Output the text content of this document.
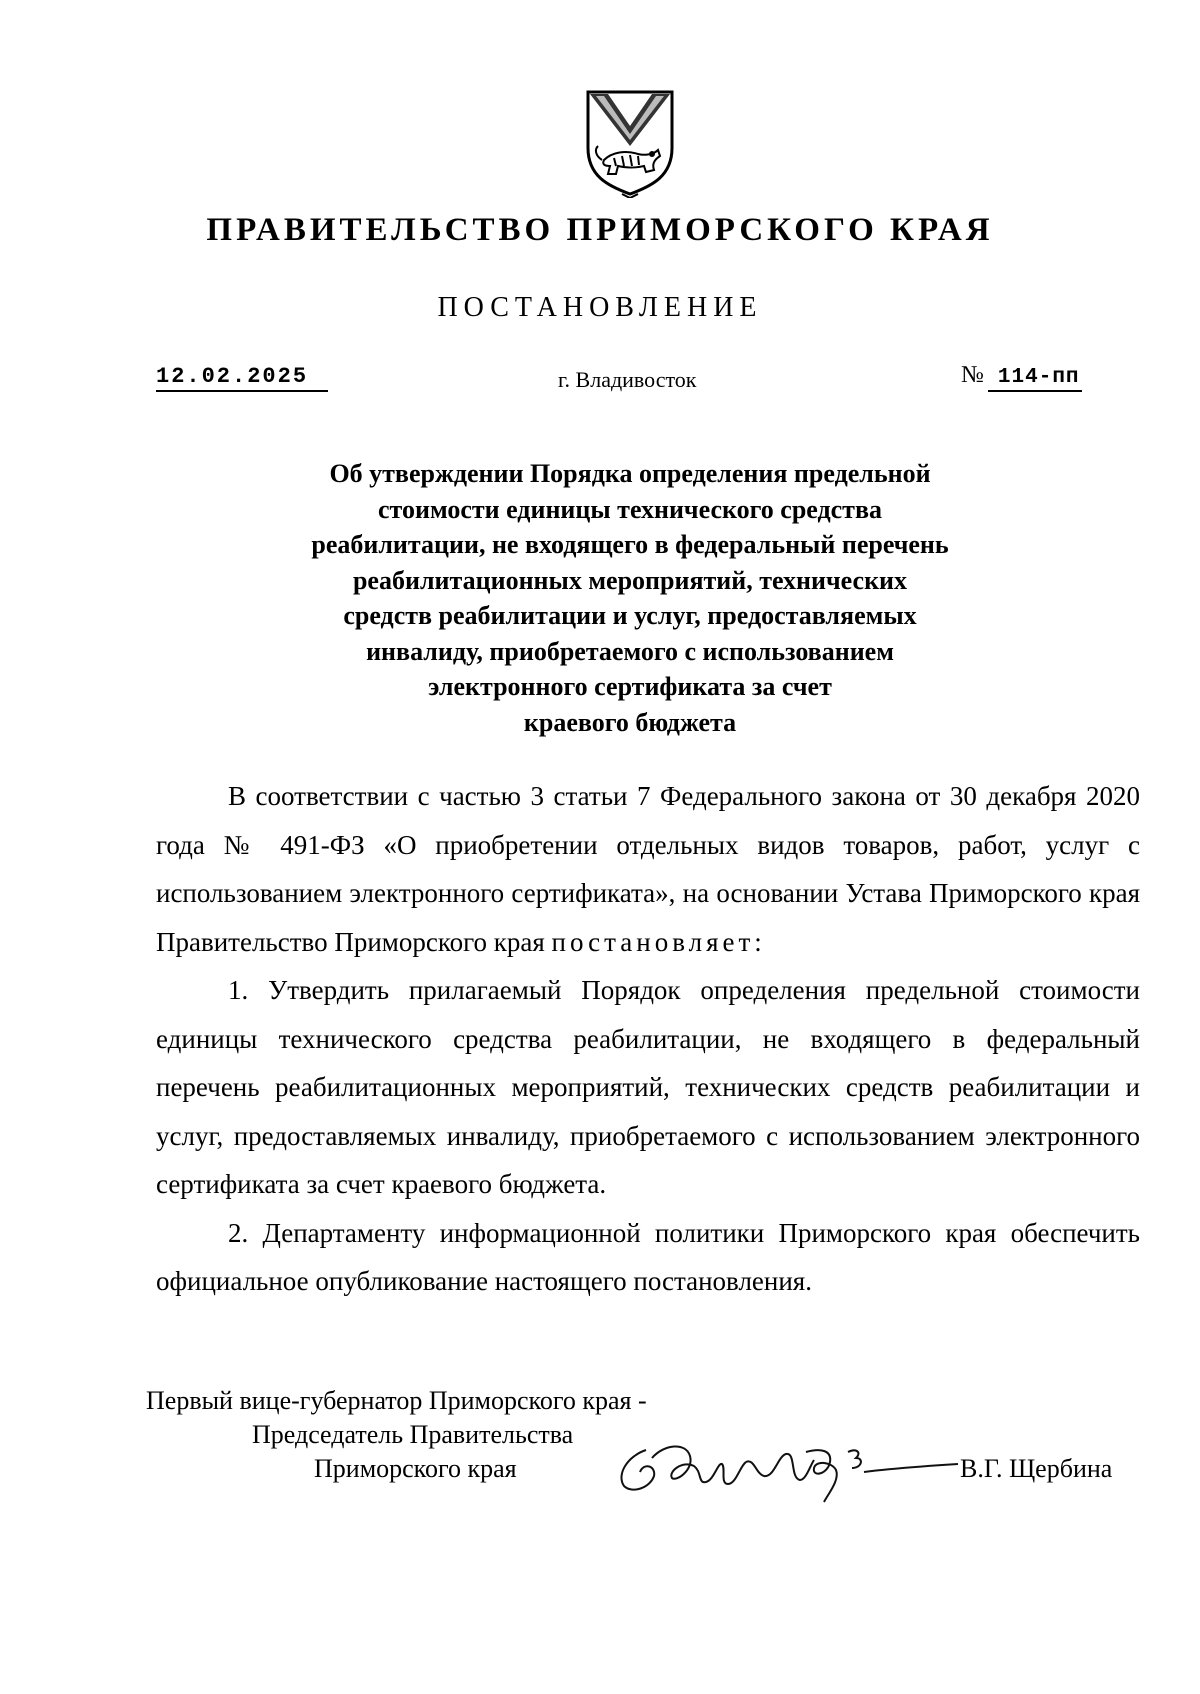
ПРАВИТЕЛЬСТВО ПРИМОРСКОГО КРАЯ
ПОСТАНОВЛЕНИЕ
12.02.2025	г. Владивосток	№ 114-пп
Об утверждении Порядка определения предельной
стоимости единицы технического средства
реабилитации, не входящего в федеральный перечень
реабилитационных мероприятий, технических
средств реабилитации и услуг, предоставляемых
инвалиду, приобретаемого с использованием
электронного сертификата за счет
краевого бюджета

В соответствии с частью 3 статьи 7 Федерального закона от 30 декабря 2020 года № 491-ФЗ «О приобретении отдельных видов товаров, работ, услуг с использованием электронного сертификата», на основании Устава Приморского края Правительство Приморского края постановляет:

1. Утвердить прилагаемый Порядок определения предельной стоимости единицы технического средства реабилитации, не входящего в федеральный перечень реабилитационных мероприятий, технических средств реабилитации и услуг, предоставляемых инвалиду, приобретаемого с использованием электронного сертификата за счет краевого бюджета.

2. Департаменту информационной политики Приморского края обеспечить официальное опубликование настоящего постановления.

Первый вице-губернатор Приморского края -
Председатель Правительства
Приморского края	В.Г. Щербина
